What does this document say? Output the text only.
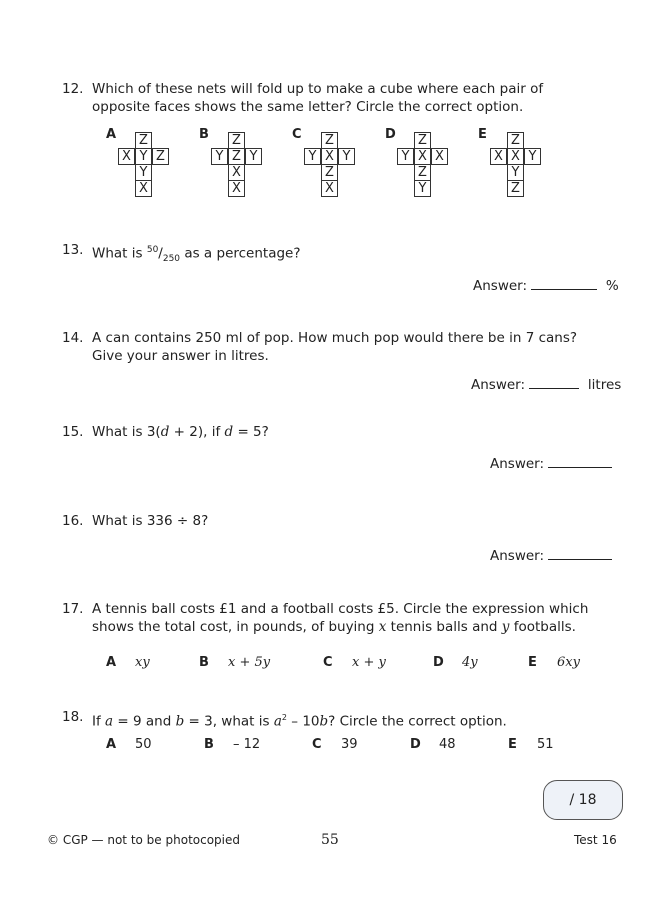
12. Which of these nets will fold up to make a cube where each pair of
opposite faces shows the same letter? Circle the correct option.
A	Z
X Y Z
Y
X
B	Z
Y Z Y
X
X
C	Z
Y X Y
Z
X
D	Z
Y X X
Z
Y
E	Z
X X Y
Y
Z
13. What is $^{50}/_{250}$ as a percentage?
Answer:	%
14. A can contains 250 ml of pop. How much pop would there be in 7 cans?
Give your answer in litres.
Answer:	litres
15. What is 3(d + 2), if d = 5?
Answer:
16. What is 336 ÷ 8?
Answer:
17. A tennis ball costs £1 and a football costs £5. Circle the expression which
shows the total cost, in pounds, of buying x tennis balls and y footballs.
A xy	B x + 5y	C x + y	D 4y	E 6xy
18. If a = 9 and b = 3, what is $a^2 - 10b$? Circle the correct option.
A 50	B – 12	C 39	D 48	E 51
/ 18
© CGP — not to be photocopied	55	Test 16
